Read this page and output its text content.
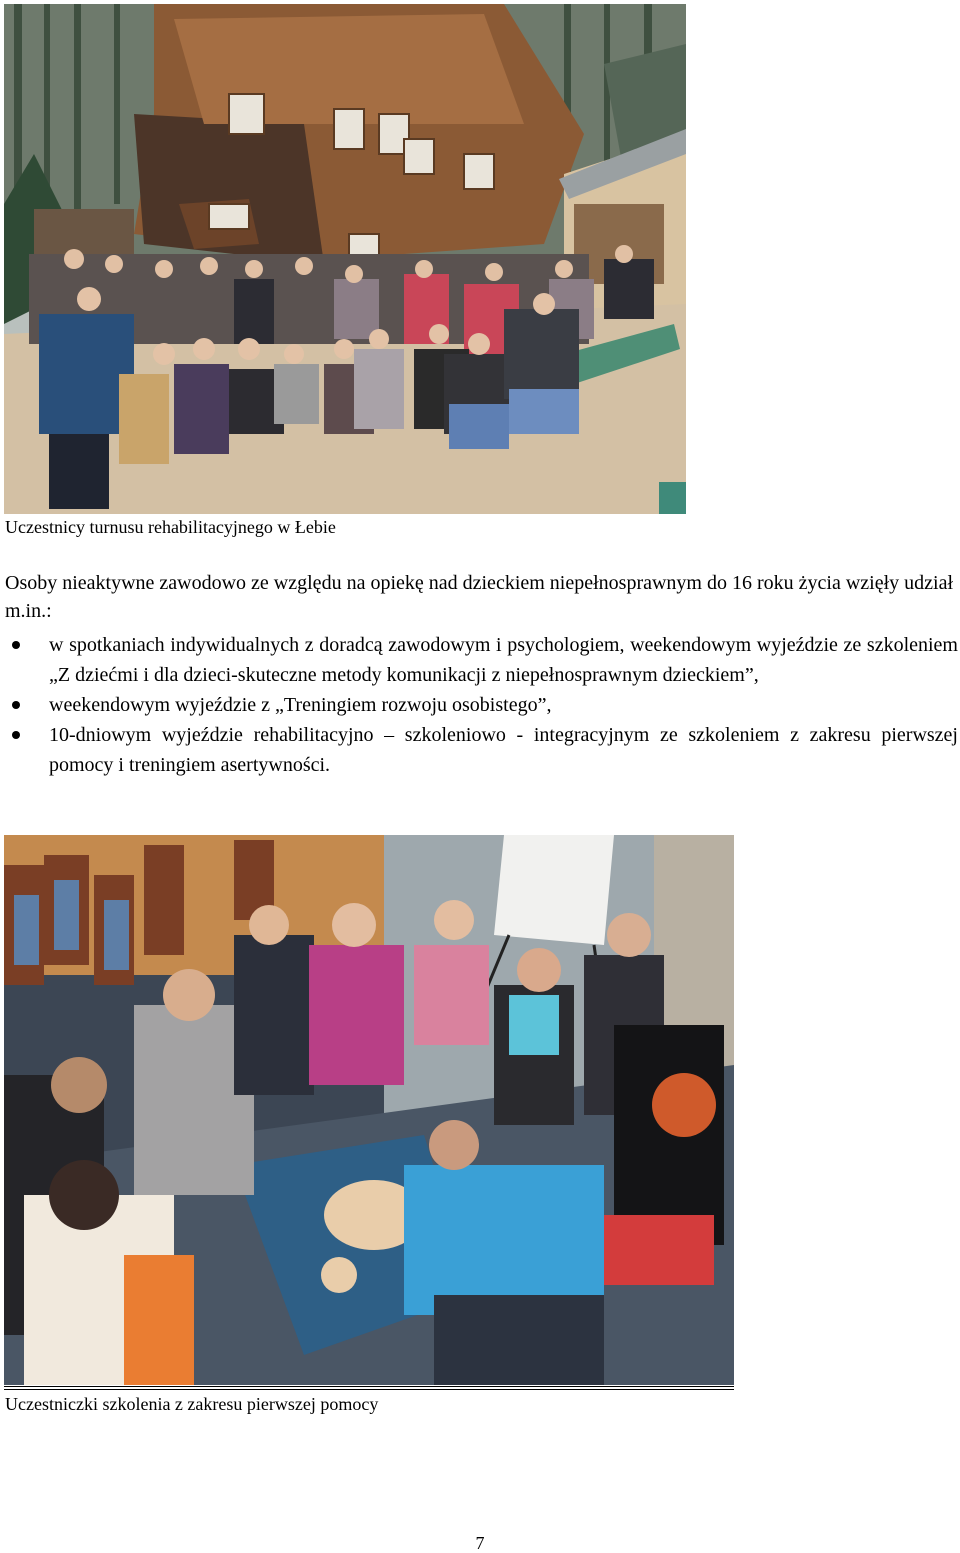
Uczestnicy turnusu rehabilitacyjnego w Łebie

Osoby nieaktywne zawodowo ze względu na opiekę nad dzieckiem niepełnosprawnym do 16 roku życia wzięły udział m.in.:

w spotkaniach indywidualnych z doradcą zawodowym i psychologiem, weekendowym wyjeździe ze szkoleniem „Z dziećmi i dla dzieci-skuteczne metody komunikacji z niepełnosprawnym dzieckiem”,
weekendowym wyjeździe z „Treningiem rozwoju osobistego”,
10-dniowym wyjeździe rehabilitacyjno – szkoleniowo - integracyjnym ze szkoleniem z zakresu pierwszej pomocy i treningiem asertywności.
Uczestniczki szkolenia z zakresu pierwszej pomocy
7
